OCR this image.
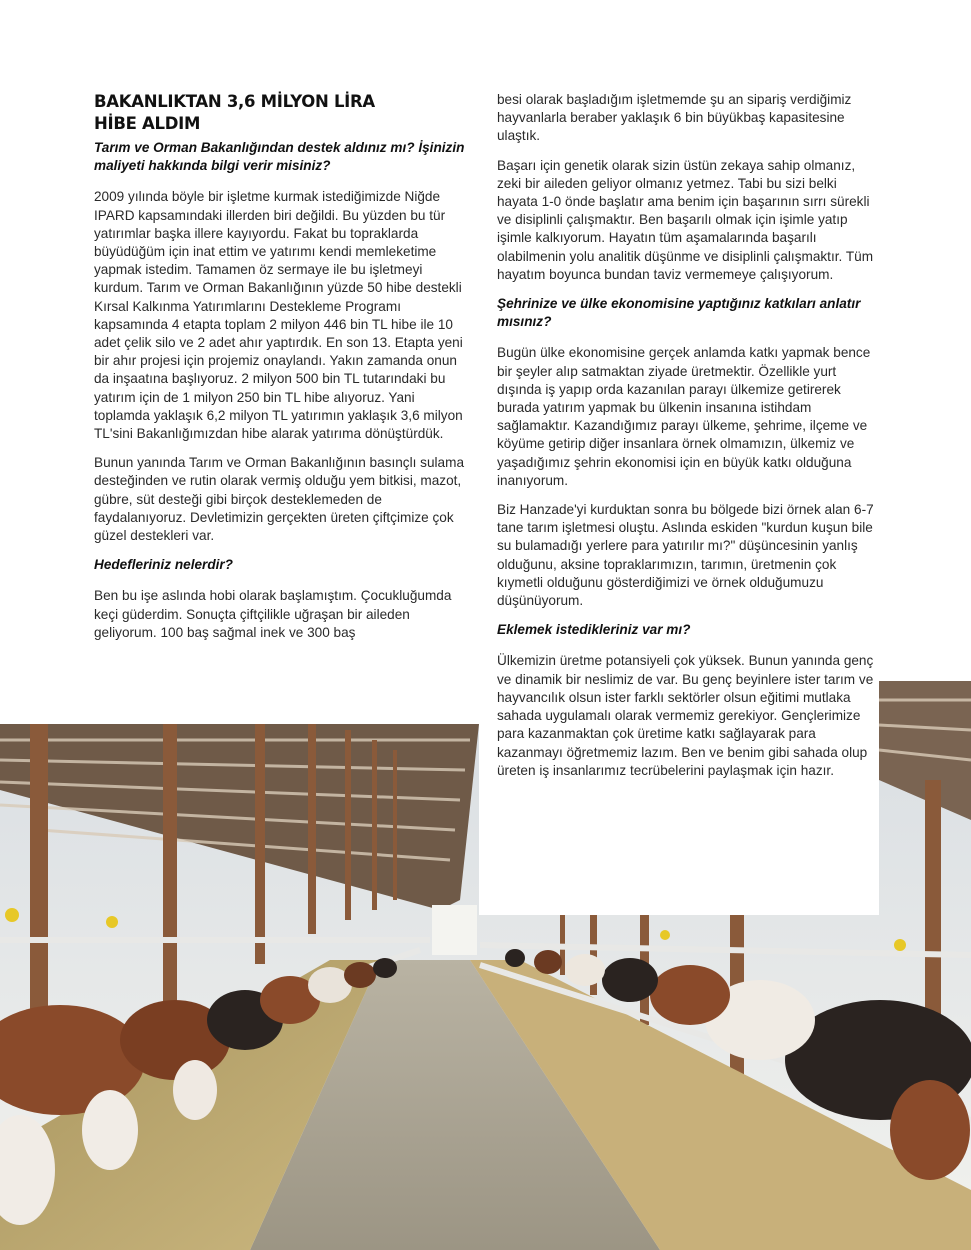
BAKANLIKTAN 3,6 MİLYON LİRA
HİBE ALDIM
Tarım ve Orman Bakanlığından destek aldınız mı? İşinizin maliyeti hakkında bilgi verir misiniz?

2009 yılında böyle bir işletme kurmak istediğimizde Niğde IPARD kapsamındaki illerden biri değildi. Bu yüzden bu tür yatırımlar başka illere kayıyordu. Fakat bu topraklarda büyüdüğüm için inat ettim ve yatırımı kendi memleketime yapmak istedim. Tamamen öz sermaye ile bu işletmeyi kurdum. Tarım ve Orman Bakanlığının yüzde 50 hibe destekli Kırsal Kalkınma Yatırımlarını Destekleme Programı kapsamında 4 etapta toplam 2 milyon 446 bin TL hibe ile 10 adet çelik silo ve 2 adet ahır yaptırdık. En son 13. Etapta yeni bir ahır projesi için projemiz onaylandı. Yakın zamanda onun da inşaatına başlıyoruz. 2 milyon 500 bin TL tutarındaki bu yatırım için de 1 milyon 250 bin TL hibe alıyoruz. Yani toplamda yaklaşık 6,2 milyon TL yatırımın yaklaşık 3,6 milyon TL'sini Bakanlığımızdan hibe alarak yatırıma dönüştürdük.

Bunun yanında Tarım ve Orman Bakanlığının basınçlı sulama desteğinden ve rutin olarak vermiş olduğu yem bitkisi, mazot, gübre, süt desteği gibi birçok desteklemeden de faydalanıyoruz. Devletimizin gerçekten üreten çiftçimize çok güzel destekleri var.

Hedefleriniz nelerdir?

Ben bu işe aslında hobi olarak başlamıştım. Çocukluğumda keçi güderdim. Sonuçta çiftçilikle uğraşan bir aileden geliyorum. 100 baş sağmal inek ve 300 baş

besi olarak başladığım işletmemde şu an sipariş verdiğimiz hayvanlarla beraber yaklaşık 6 bin büyükbaş kapasitesine ulaştık.

Başarı için genetik olarak sizin üstün zekaya sahip olmanız, zeki bir aileden geliyor olmanız yetmez. Tabi bu sizi belki hayata 1-0 önde başlatır ama benim için başarının sırrı sürekli ve disiplinli çalışmaktır. Ben başarılı olmak için işimle yatıp işimle kalkıyorum. Hayatın tüm aşamalarında başarılı olabilmenin yolu analitik düşünme ve disiplinli çalışmaktır. Tüm hayatım boyunca bundan taviz vermemeye çalışıyorum.

Şehrinize ve ülke ekonomisine yaptığınız katkıları anlatır mısınız?

Bugün ülke ekonomisine gerçek anlamda katkı yapmak bence bir şeyler alıp satmaktan ziyade üretmektir. Özellikle yurt dışında iş yapıp orda kazanılan parayı ülkemize getirerek burada yatırım yapmak bu ülkenin insanına istihdam sağlamaktır. Kazandığımız parayı ülkeme, şehrime, ilçeme ve köyüme getirip diğer insanlara örnek olmamızın, ülkemiz ve yaşadığımız şehrin ekonomisi için en büyük katkı olduğuna inanıyorum.

Biz Hanzade'yi kurduktan sonra bu bölgede bizi örnek alan 6-7 tane tarım işletmesi oluştu. Aslında eskiden "kurdun kuşun bile su bulamadığı yerlere para yatırılır mı?" düşüncesinin yanlış olduğunu, aksine topraklarımızın, tarımın, üretmenin çok kıymetli olduğunu gösterdiğimizi ve örnek olduğumuzu düşünüyorum.

Eklemek istedikleriniz var mı?

Ülkemizin üretme potansiyeli çok yüksek. Bunun yanında genç ve dinamik bir neslimiz de var. Bu genç beyinlere ister tarım ve hayvancılık olsun ister farklı sektörler olsun eğitimi mutlaka sahada uygulamalı olarak vermemiz gerekiyor. Gençlerimize para kazanmaktan çok üretime katkı sağlayarak para kazanmayı öğretmemiz lazım. Ben ve benim gibi sahada olup üreten iş insanlarımız tecrübelerini paylaşmak için hazır.
